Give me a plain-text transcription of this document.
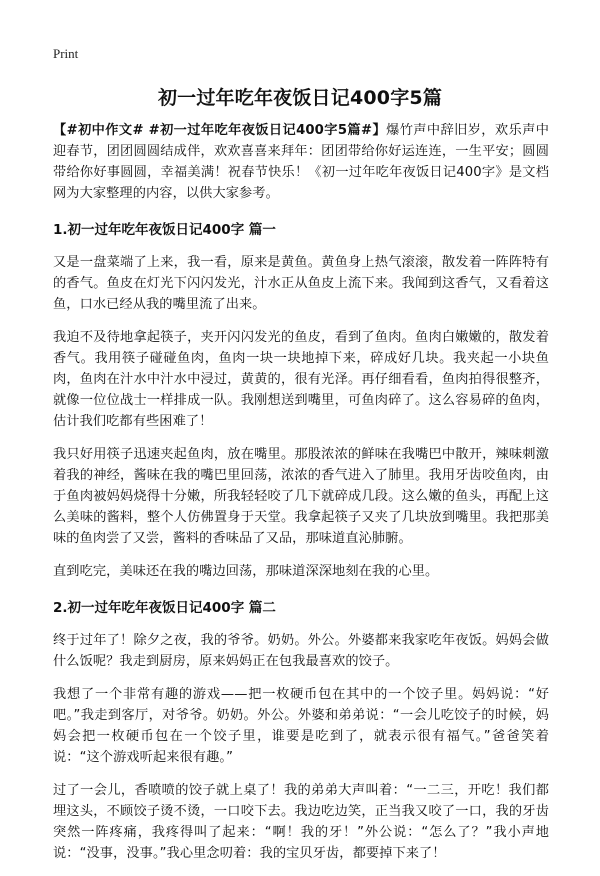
Print
初一过年吃年夜饭日记400字5篇

【#初中作文# #初一过年吃年夜饭日记400字5篇#】爆竹声中辞旧岁，欢乐声中迎春节，团团圆圆结成伴，欢欢喜喜来拜年：团团带给你好运连连，一生平安；圆圆带给你好事圆圆，幸福美满！祝春节快乐！《初一过年吃年夜饭日记400字》是文档网为大家整理的内容，以供大家参考。

1.初一过年吃年夜饭日记400字 篇一

又是一盘菜端了上来，我一看，原来是黄鱼。黄鱼身上热气滚滚，散发着一阵阵特有的香气。鱼皮在灯光下闪闪发光，汁水正从鱼皮上流下来。我闻到这香气，又看着这鱼，口水已经从我的嘴里流了出来。

我迫不及待地拿起筷子，夹开闪闪发光的鱼皮，看到了鱼肉。鱼肉白嫩嫩的，散发着香气。我用筷子碰碰鱼肉，鱼肉一块一块地掉下来，碎成好几块。我夹起一小块鱼肉，鱼肉在汁水中汁水中浸过，黄黄的，很有光泽。再仔细看看，鱼肉拍得很整齐，就像一位位战士一样排成一队。我刚想送到嘴里，可鱼肉碎了。这么容易碎的鱼肉，估计我们吃都有些困难了！

我只好用筷子迅速夹起鱼肉，放在嘴里。那股浓浓的鲜味在我嘴巴中散开，辣味刺激着我的神经，酱味在我的嘴巴里回荡，浓浓的香气进入了肺里。我用牙齿咬鱼肉，由于鱼肉被妈妈烧得十分嫩，所我轻轻咬了几下就碎成几段。这么嫩的鱼头，再配上这么美味的酱料，整个人仿佛置身于天堂。我拿起筷子又夹了几块放到嘴里。我把那美味的鱼肉尝了又尝，酱料的香味品了又品，那味道直沁肺腑。

直到吃完，美味还在我的嘴边回荡，那味道深深地刻在我的心里。

2.初一过年吃年夜饭日记400字 篇二

终于过年了！除夕之夜，我的爷爷。奶奶。外公。外婆都来我家吃年夜饭。妈妈会做什么饭呢？我走到厨房，原来妈妈正在包我最喜欢的饺子。

我想了一个非常有趣的游戏——把一枚硬币包在其中的一个饺子里。妈妈说：“好吧。”我走到客厅，对爷爷。奶奶。外公。外婆和弟弟说：“一会儿吃饺子的时候，妈妈会把一枚硬币包在一个饺子里，谁要是吃到了，就表示很有福气。”爸爸笑着说：“这个游戏听起来很有趣。”

过了一会儿，香喷喷的饺子就上桌了！我的弟弟大声叫着：“一二三，开吃！我们都埋这头，不顾饺子烫不烫，一口咬下去。我边吃边笑，正当我又咬了一口，我的牙齿突然一阵疼痛，我疼得叫了起来：“啊！我的牙！”外公说：“怎么了？”我小声地说：“没事，没事。”我心里念叨着：我的宝贝牙齿，都要掉下来了！
